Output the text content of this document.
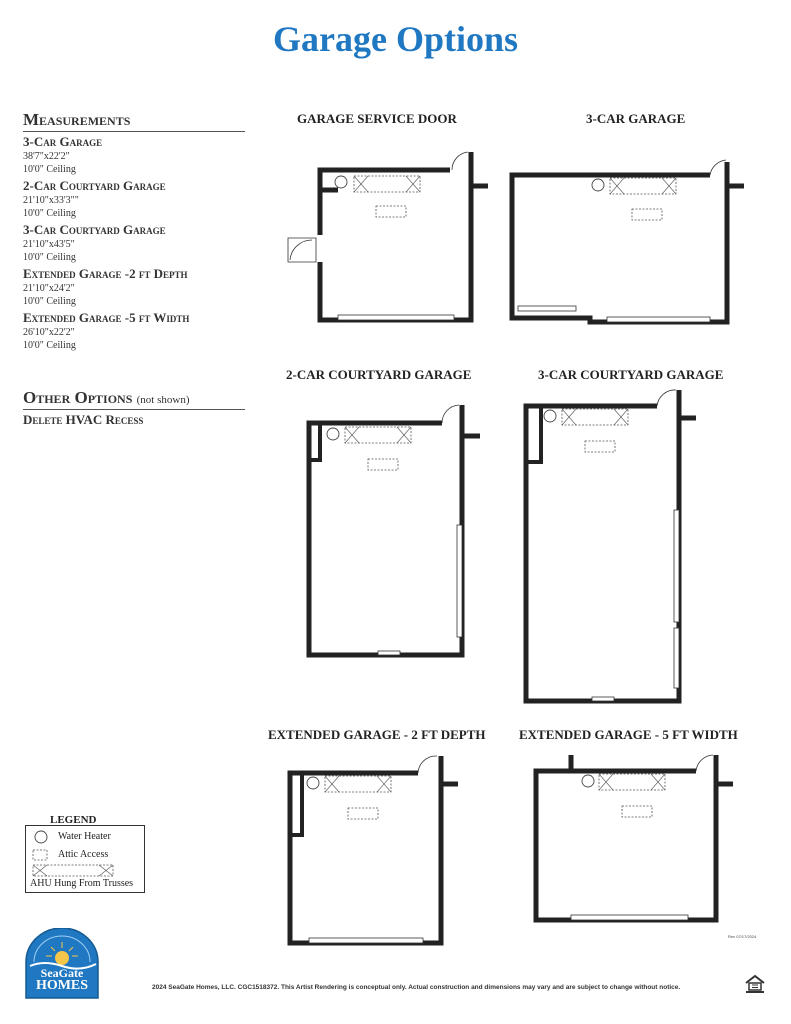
Garage Options
Measurements
3-Car Garage
38'7"x22'2"
10'0" Ceiling
2-Car Courtyard Garage
21'10"x33'3""
10'0" Ceiling
3-Car Courtyard Garage
21'10"x43'5"
10'0" Ceiling
Extended Garage -2 ft Depth
21'10"x24'2"
10'0" Ceiling
Extended Garage -5 ft Width
26'10"x22'2"
10'0" Ceiling
Other Options (not shown)
Delete HVAC Recess
GARAGE SERVICE DOOR	3-CAR GARAGE
2-CAR COURTYARD GARAGE	3-CAR COURTYARD GARAGE
EXTENDED GARAGE - 2 FT DEPTH	EXTENDED GARAGE - 5 FT WIDTH
LEGEND
Water Heater
Attic Access
AHU Hung From Trusses
SeaGate
HOMES
Rev 07/17/2024
2024 SeaGate Homes, LLC. CGC1518372. This Artist Rendering is conceptual only. Actual construction and dimensions may vary and are subject to change without notice.
